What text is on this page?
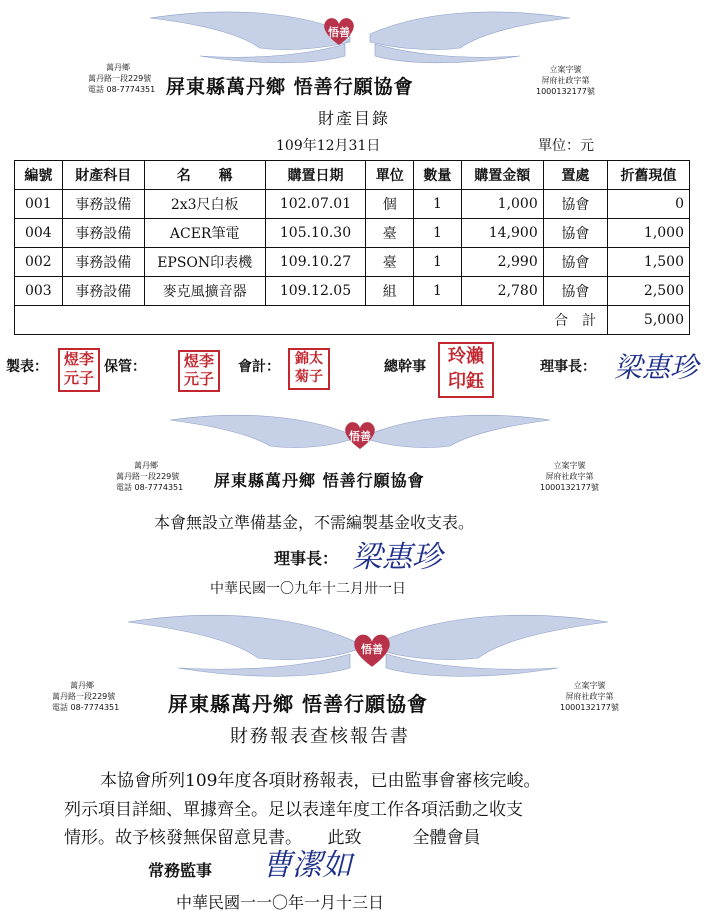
悟善
萬丹鄉
萬丹路一段229號
電話 08-7774351 屏東縣萬丹鄉 悟善行願協會
立案字號
屏府社政字第
1000132177號
財產目錄
109年12月31日	單位：元
編號	財產科目	名　　稱	購置日期	單位	數量	購置金額	置處	折舊現值
001	事務設備	2x3尺白板	102.07.01	個	1	1,000	協會	0
004	事務設備	ACER筆電	105.10.30	臺	1	14,900	協會	1,000
002	事務設備	EPSON印表機	109.10.27	臺	1	2,990	協會	1,500
003	事務設備	麥克風擴音器	109.12.05	組	1	2,780	協會	2,500
							合　計	5,000
製表：	煜李元子
保管：	煜李元子
會計：	錦太菊子
總幹事	玲瀨印鈺
理事長： 梁惠珍
悟善
萬丹鄉
萬丹路一段229號
電話 08-7774351 屏東縣萬丹鄉 悟善行願協會
立案字號
屏府社政字第
1000132177號
本會無設立準備基金，不需編製基金收支表。
理事長： 梁惠珍
中華民國一〇九年十二月卅一日
悟善
萬丹鄉
萬丹路一段229號
電話 08-7774351 屏東縣萬丹鄉 悟善行願協會
立案字號
屏府社政字第
1000132177號
財務報表查核報告書
本協會所列109年度各項財務報表，已由監事會審核完峻。
列示項目詳細、單據齊全。足以表達年度工作各項活動之收支
情形。故予核發無保留意見書。　　此致　　　全體會員
常務監事 曹潔如
中華民國一一〇年一月十三日
